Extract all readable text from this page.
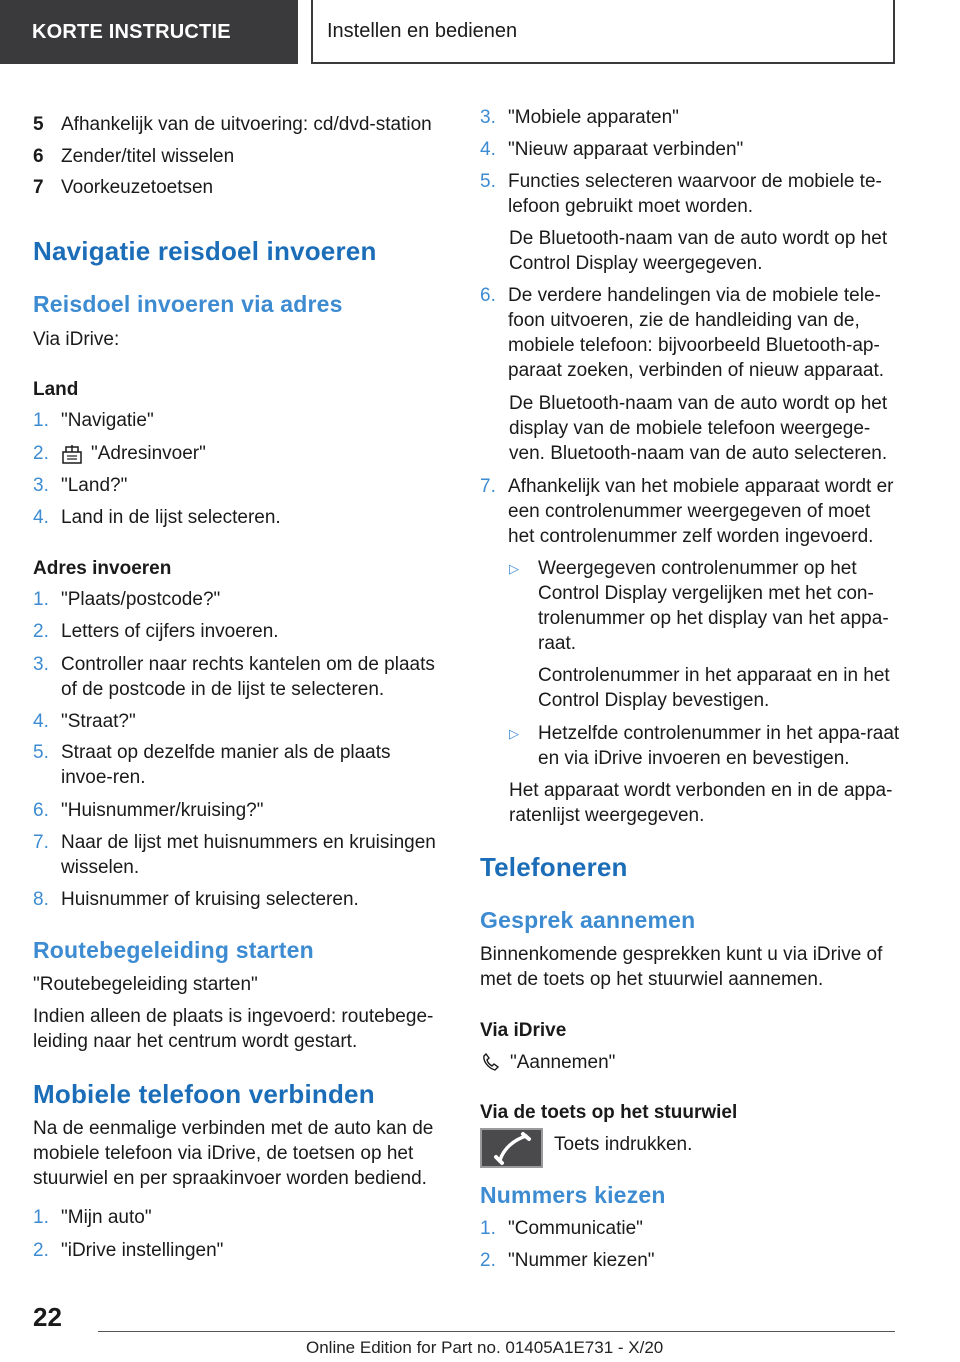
KORTE INSTRUCTIE	Instellen en bedienen
5 Afhankelijk van de uitvoering: cd/dvd-station
6 Zender/titel wisselen
7 Voorkeuzetoetsen
Navigatie reisdoel invoeren
Reisdoel invoeren via adres
Via iDrive:
Land
1. "Navigatie"
2.	"Adresinvoer"
3. "Land?"
4. Land in de lijst selecteren.
Adres invoeren
1. "Plaats/postcode?"
2. Letters of cijfers invoeren.
3. Controller naar rechts kantelen om de plaats of de postcode in de lijst te selecteren.
4. "Straat?"
5. Straat op dezelfde manier als de plaats invoe-ren.
6. "Huisnummer/kruising?"
7. Naar de lijst met huisnummers en kruisingen wisselen.
8. Huisnummer of kruising selecteren.
Routebegeleiding starten
"Routebegeleiding starten"
Indien alleen de plaats is ingevoerd: routebege-leiding naar het centrum wordt gestart.
Mobiele telefoon verbinden
Na de eenmalige verbinden met de auto kan de mobiele telefoon via iDrive, de toetsen op het stuurwiel en per spraakinvoer worden bediend.
1. "Mijn auto"
2. "iDrive instellingen"
3. "Mobiele apparaten"
4. "Nieuw apparaat verbinden"
5. Functies selecteren waarvoor de mobiele te-lefoon gebruikt moet worden.
De Bluetooth-naam van de auto wordt op het Control Display weergegeven.
6. De verdere handelingen via de mobiele tele-foon uitvoeren, zie de handleiding van de, mobiele telefoon: bijvoorbeeld Bluetooth-ap-paraat zoeken, verbinden of nieuw apparaat.
De Bluetooth-naam van de auto wordt op het display van de mobiele telefoon weergege-ven. Bluetooth-naam van de auto selecteren.
7. Afhankelijk van het mobiele apparaat wordt er een controlenummer weergegeven of moet het controlenummer zelf worden ingevoerd.
▷ Weergegeven controlenummer op het Control Display vergelijken met het con-trolenummer op het display van het appa-raat.
Controlenummer in het apparaat en in het Control Display bevestigen.
▷ Hetzelfde controlenummer in het appa-raat en via iDrive invoeren en bevestigen.
Het apparaat wordt verbonden en in de appa-ratenlijst weergegeven.
Telefoneren
Gesprek aannemen
Binnenkomende gesprekken kunt u via iDrive of met de toets op het stuurwiel aannemen.
Via iDrive
"Aannemen"
Via de toets op het stuurwiel
Toets indrukken.
Nummers kiezen
1. "Communicatie"
2. "Nummer kiezen"
22
Online Edition for Part no. 01405A1E731 - X/20
